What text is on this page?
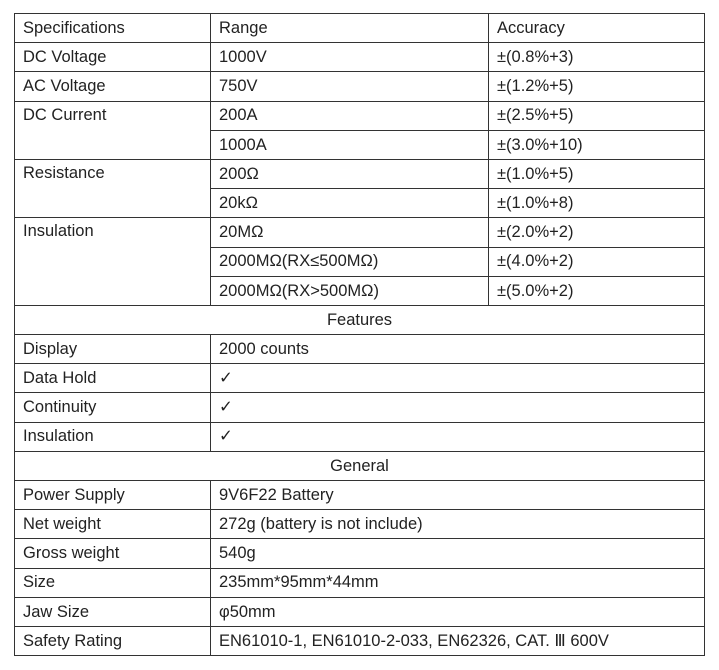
Specifications	Range	Accuracy
DC Voltage	1000V	±(0.8%+3)
AC Voltage	750V	±(1.2%+5)
DC Current	200A	±(2.5%+5)
	1000A	±(3.0%+10)
Resistance	200Ω	±(1.0%+5)
	20kΩ	±(1.0%+8)
Insulation	20MΩ	±(2.0%+2)
	2000MΩ(RX≤500MΩ)	±(4.0%+2)
	2000MΩ(RX>500MΩ)	±(5.0%+2)
Features		
Display	2000 counts	
Data Hold	✓	
Continuity	✓	
Insulation	✓	
General		
Power Supply	9V6F22 Battery	
Net weight	272g (battery is not include)	
Gross weight	540g	
Size	235mm*95mm*44mm	
Jaw Size	φ50mm	
Safety Rating	EN61010-1, EN61010-2-033, EN62326, CAT. Ⅲ 600V	
